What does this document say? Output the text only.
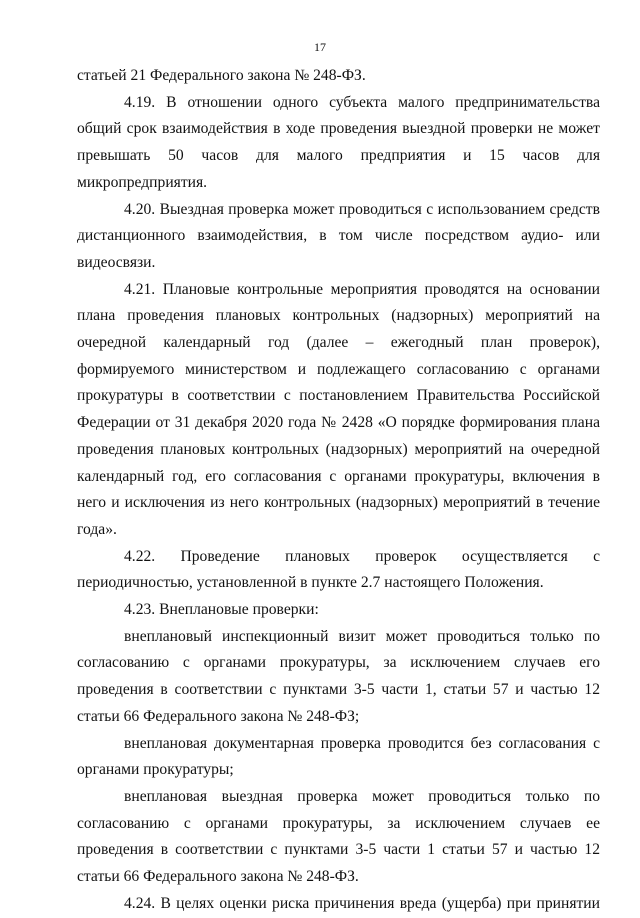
17

статьей 21 Федерального закона № 248-ФЗ.

4.19. В отношении одного субъекта малого предпринимательства общий срок взаимодействия в ходе проведения выездной проверки не может превышать 50 часов для малого предприятия и 15 часов для микропредприятия.

4.20. Выездная проверка может проводиться с использованием средств дистанционного взаимодействия, в том числе посредством аудио- или видеосвязи.

4.21. Плановые контрольные мероприятия проводятся на основании плана проведения плановых контрольных (надзорных) мероприятий на очередной календарный год (далее – ежегодный план проверок), формируемого министерством и подлежащего согласованию с органами прокуратуры в соответствии с постановлением Правительства Российской Федерации от 31 декабря 2020 года № 2428 «О порядке формирования плана проведения плановых контрольных (надзорных) мероприятий на очередной календарный год, его согласования с органами прокуратуры, включения в него и исключения из него контрольных (надзорных) мероприятий в течение года».

4.22. Проведение плановых проверок осуществляется с периодичностью, установленной в пункте 2.7 настоящего Положения.

4.23. Внеплановые проверки:

внеплановый инспекционный визит может проводиться только по согласованию с органами прокуратуры, за исключением случаев его проведения в соответствии с пунктами 3-5 части 1, статьи 57 и частью 12 статьи 66 Федерального закона № 248-ФЗ;

внеплановая документарная проверка проводится без согласования с органами прокуратуры;

внеплановая выездная проверка может проводиться только по согласованию с органами прокуратуры, за исключением случаев ее проведения в соответствии с пунктами 3-5 части 1 статьи 57 и частью 12 статьи 66 Федерального закона № 248-ФЗ.

4.24. В целях оценки риска причинения вреда (ущерба) при принятии
